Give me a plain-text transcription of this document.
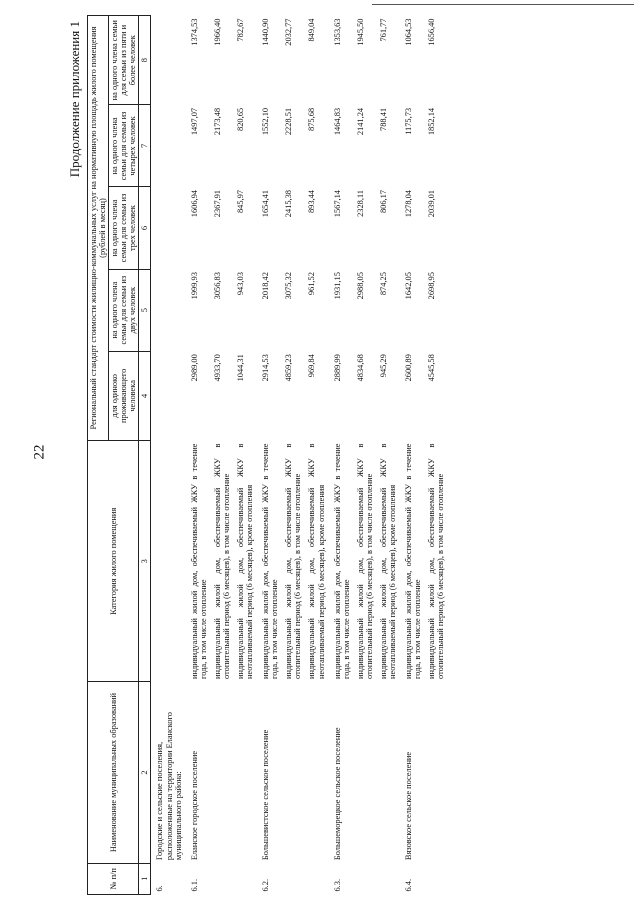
22
Продолжение приложения 1
№ п/п	Наименование муниципальных образований	Категория жилого помещения	Региональный стандарт стоимости жилищно-коммунальных услуг на нормативную площадь жилого помещения (рублей в месяц)				
			для одиноко проживающего человека	на одного члена семьи для семьи из двух человек	на одного члена семьи для семьи из трех человек	на одного члена семьи для семьи из четырех человек	на одного члена семьи для семьи из пяти и более человек
1	2	3	4	5	6	7	8
6.	Городские и сельские поселения, расположенные на территории Еланского муниципального района:						
6.1.	Еланское городское поселение	индивидуальный жилой дом, обеспечиваемый ЖКУ в течение года, в том числе отопление	2989,00	1999,93	1606,94	1497,07	1374,53
		индивидуальный жилой дом, обеспечиваемый ЖКУ в отопительный период (6 месяцев), в том числе отопление	4933,70	3056,83	2367,91	2173,48	1966,40
		индивидуальный жилой дом, обеспечиваемый ЖКУ в неотапливаемый период (6 месяцев), кроме отопления	1044,31	943,03	845,97	820,65	782,67
6.2.	Большевистское сельское поселение	индивидуальный жилой дом, обеспечиваемый ЖКУ в течение года, в том числе отопление	2914,53	2018,42	1654,41	1552,10	1440,90
		индивидуальный жилой дом, обеспечиваемый ЖКУ в отопительный период (6 месяцев), в том числе отопление	4859,23	3075,32	2415,38	2228,51	2032,77
		индивидуальный жилой дом, обеспечиваемый ЖКУ в неотапливаемый период (6 месяцев), кроме отопления	969,84	961,52	893,44	875,68	849,04
6.3.	Большеморецкое сельское поселение	индивидуальный жилой дом, обеспечиваемый ЖКУ в течение года, в том числе отопление	2889,99	1931,15	1567,14	1464,83	1353,63
		индивидуальный жилой дом, обеспечиваемый ЖКУ в отопительный период (6 месяцев), в том числе отопление	4834,68	2988,05	2328,11	2141,24	1945,50
		индивидуальный жилой дом, обеспечиваемый ЖКУ в неотапливаемый период (6 месяцев), кроме отопления	945,29	874,25	806,17	788,41	761,77
6.4.	Вязовское сельское поселение	индивидуальный жилой дом, обеспечиваемый ЖКУ в течение года, в том числе отопление	2600,89	1642,05	1278,04	1175,73	1064,53
		индивидуальный жилой дом, обеспечиваемый ЖКУ в отопительный период (6 месяцев), в том числе отопление	4545,58	2698,95	2039,01	1852,14	1656,40
